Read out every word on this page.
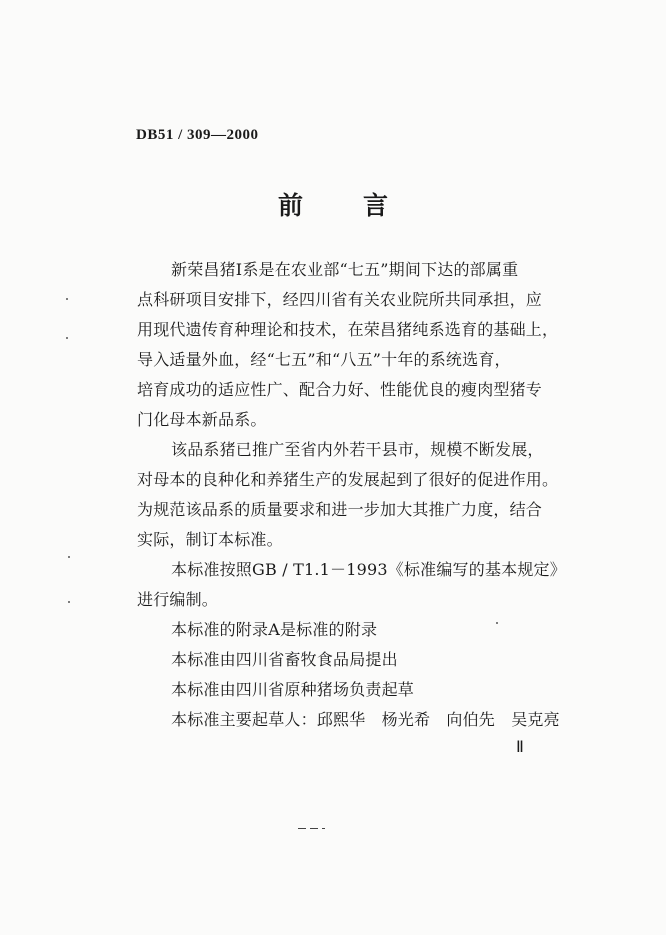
DB51 / 309—2000
前 言
新荣昌猪Ⅰ系是在农业部“七五”期间下达的部属重
点科研项目安排下，经四川省有关农业院所共同承担，应
用现代遗传育种理论和技术，在荣昌猪纯系选育的基础上，
导入适量外血，经“七五”和“八五”十年的系统选育，
培育成功的适应性广、配合力好、性能优良的瘦肉型猪专
门化母本新品系。
该品系猪已推广至省内外若干县市，规模不断发展，
对母本的良种化和养猪生产的发展起到了很好的促进作用。
为规范该品系的质量要求和进一步加大其推广力度，结合
实际，制订本标准。
本标准按照GB / T1.1－1993《标准编写的基本规定》
进行编制。
本标准的附录A是标准的附录
本标准由四川省畜牧食品局提出
本标准由四川省原种猪场负责起草
本标准主要起草人：邱熙华　杨光希　向伯先　吴克亮
Ⅱ
